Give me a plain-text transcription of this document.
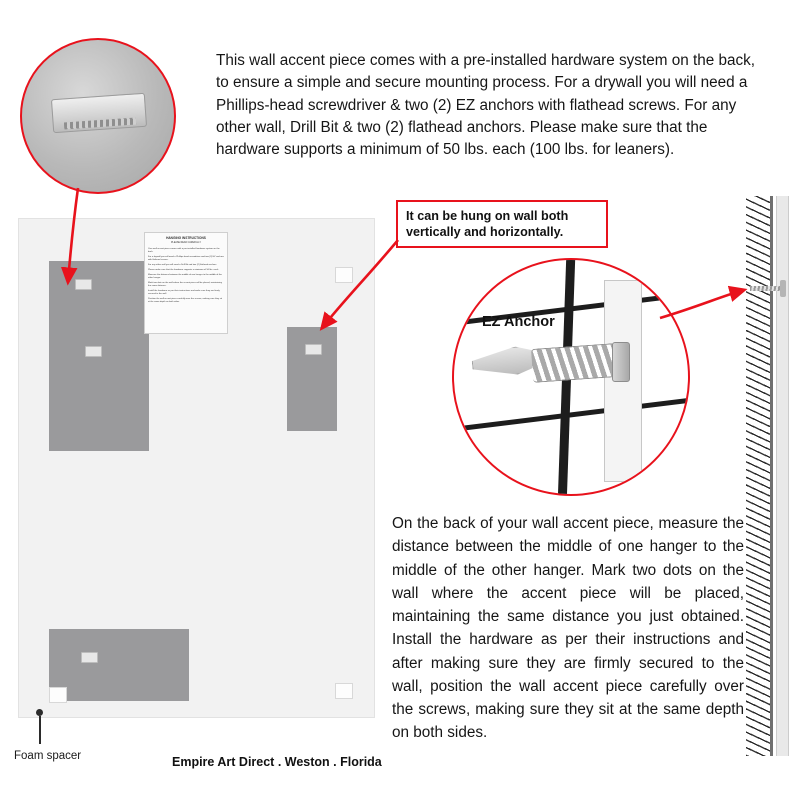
This wall accent piece comes with a pre-installed hardware system on the back, to ensure a simple and secure mounting process. For a drywall you will need a Phillips-head screwdriver & two (2) EZ anchors with flathead screws. For any other wall, Drill Bit & two (2) flathead anchors. Please make sure that the hardware supports a minimum of 50 lbs. each (100 lbs. for leaners).
HANGING INSTRUCTIONS
PLEASE READ CAREFULLY

Your wall accent piece comes with a pre-installed hardware system on the back.

For a drywall you will need a Phillips-head screwdriver and two (2) EZ anchors with flathead screws.

For any other wall you will need a Drill Bit and two (2) flathead anchors.

Please make sure that the hardware supports a minimum of 50 lbs. each.

Measure the distance between the middle of one hanger to the middle of the other hanger.

Mark two dots on the wall where the accent piece will be placed, maintaining the same distance.

Install the hardware as per their instructions and make sure they are firmly secured to the wall.

Position the wall accent piece carefully over the screws, making sure they sit at the same depth on both sides.

Foam spacer	Empire Art Direct . Weston . Florida
It can be hung on wall both vertically and horizontally.
EZ Anchor
On the back of your wall accent piece, measure the distance between the middle of one hanger to the middle of the other hanger. Mark two dots on the wall where the accent piece will be placed, maintaining the same distance you just obtained. Install the hardware as per their instructions and after making sure they are firmly secured to the wall, position the wall accent piece carefully over the screws, making sure they sit at the same depth on both sides.
